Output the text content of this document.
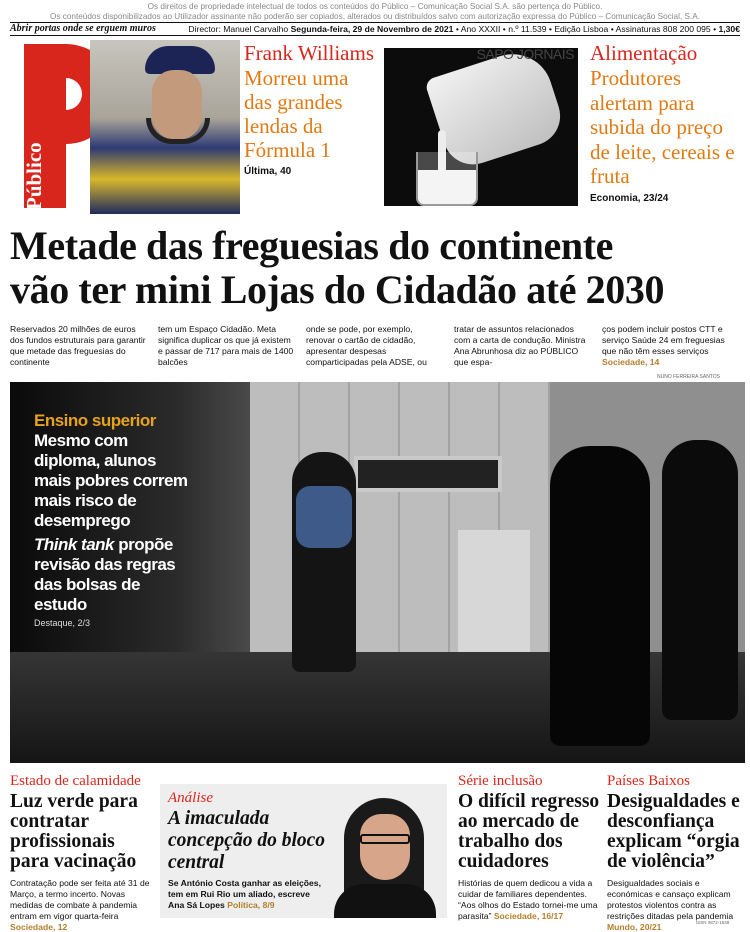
Os direitos de propriedade intelectual de todos os conteúdos do Público – Comunicação Social S.A. são pertença do Público.
Os conteúdos disponibilizados ao Utilizador assinante não poderão ser copiados, alterados ou distribuídos salvo com autorização expressa do Público – Comunicação Social, S.A.
Abrir portas onde se erguem muros	Director: Manuel Carvalho Segunda-feira, 29 de Novembro de 2021 • Ano XXXII • n.º 11.539 • Edição Lisboa • Assinaturas 808 200 095 • 1,30€
Público
Frank Williams
Morreu uma das grandes lendas da Fórmula 1
Última, 40
SAPO JORNAIS Alimentação
Produtores alertam para subida do preço de leite, cereais e fruta
Economia, 23/24
Metade das freguesias do continente
vão ter mini Lojas do Cidadão até 2030
Reservados 20 milhões de euros dos fundos estruturais para garantir que metade das freguesias do continente
tem um Espaço Cidadão. Meta significa duplicar os que já existem e passar de 717 para mais de 1400 balcões
onde se pode, por exemplo, renovar o cartão de cidadão, apresentar despesas comparticipadas pela ADSE, ou
tratar de assuntos relacionados com a carta de condução. Ministra Ana Abrunhosa diz ao PÚBLICO que espa-
ços podem incluir postos CTT e serviço Saúde 24 em freguesias que não têm esses serviços Sociedade, 14
NUNO FERREIRA SANTOS
Ensino superior
Mesmo com diploma, alunos mais pobres correm mais risco de desemprego
Think tank propõe revisão das regras das bolsas de estudo
Destaque, 2/3
Estado de calamidade
Luz verde para contratar profissionais para vacinação
Contratação pode ser feita até 31 de Março, a termo incerto. Novas medidas de combate à pandemia entram em vigor quarta-feira Sociedade, 12
Análise
A imaculada concepção do bloco central
Se António Costa ganhar as eleições, tem em Rui Rio um aliado, escreve Ana Sá Lopes Política, 8/9
Série inclusão
O difícil regresso ao mercado de trabalho dos cuidadores
Histórias de quem dedicou a vida a cuidar de familiares dependentes. “Aos olhos do Estado tornei-me uma parasita” Sociedade, 16/17
Países Baixos
Desigualdades e desconfiança explicam “orgia de violência”
Desigualdades sociais e económicas e cansaço explicam protestos violentos contra as restrições ditadas pela pandemia Mundo, 20/21	ISSN 0872-1548
